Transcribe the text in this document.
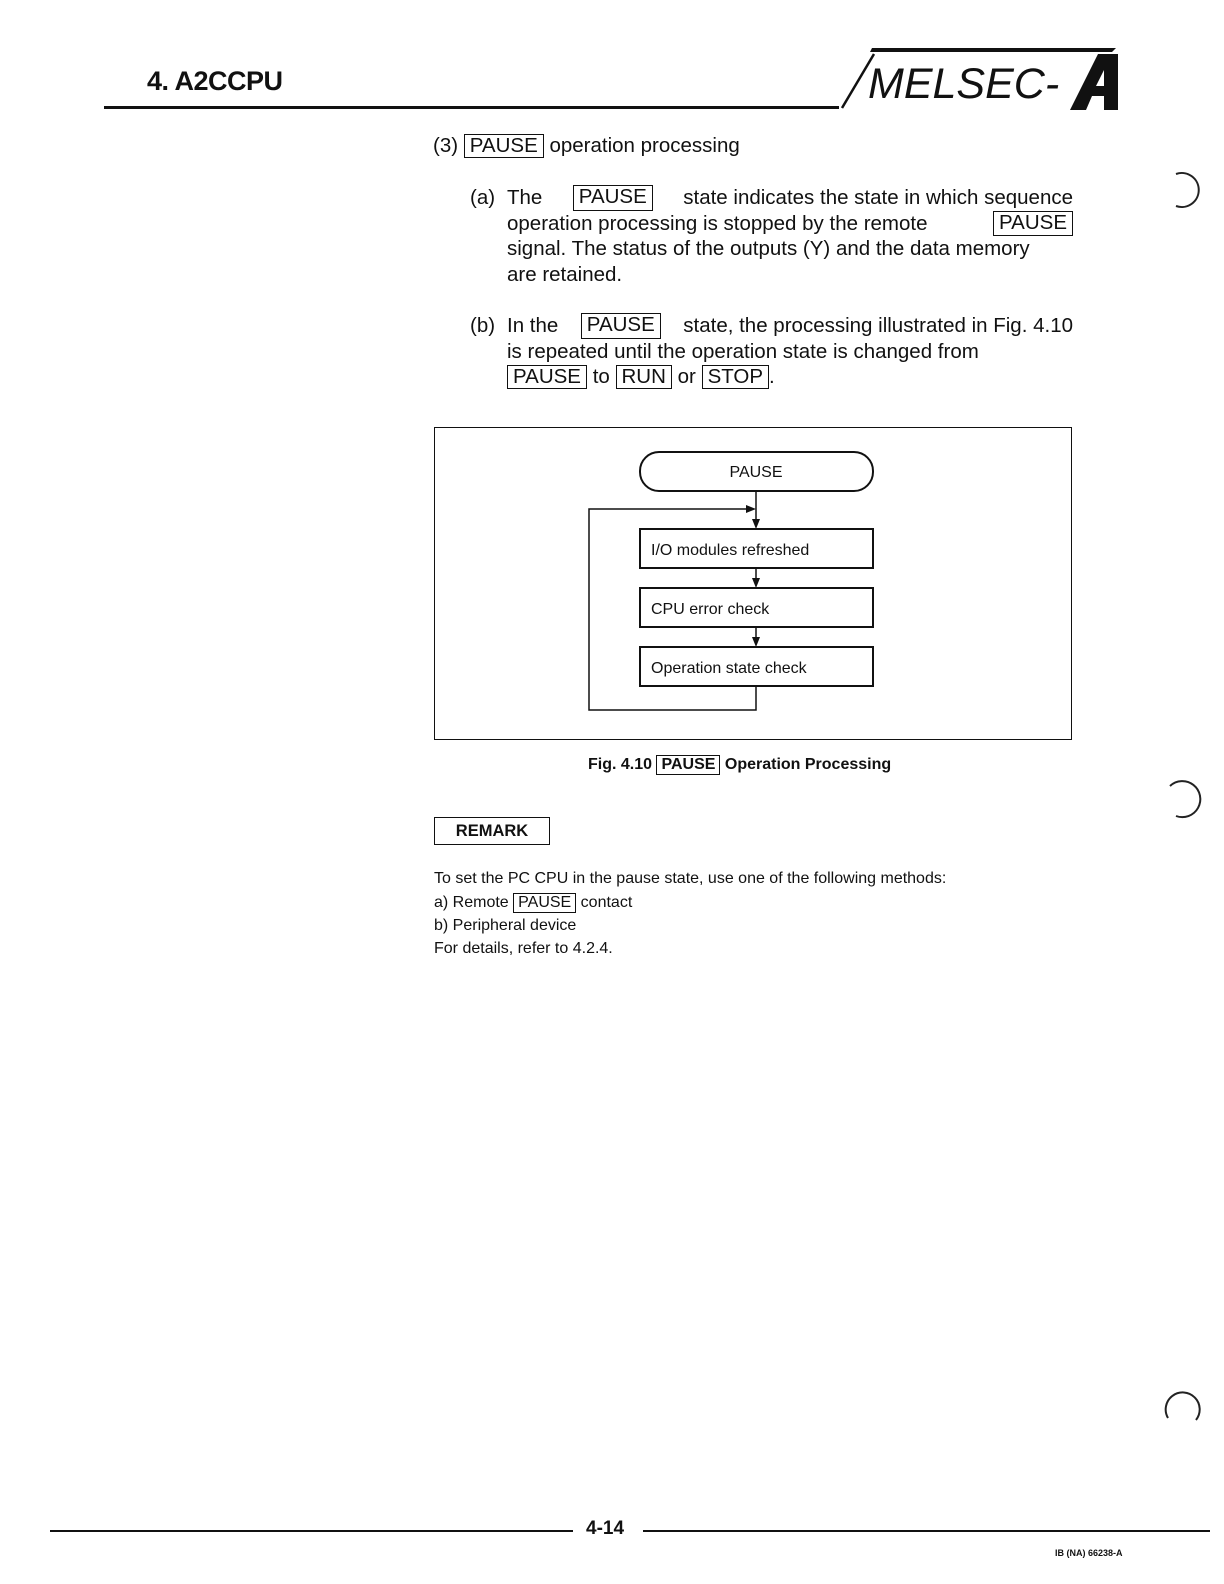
4. A2CCPU	MELSEC-
(3) PAUSE operation processing
(a) The PAUSE state indicates the state in which sequence
operation processing is stopped by the remote	PAUSE
signal. The status of the outputs (Y) and the data memory
are retained.
(b) In the PAUSE state, the processing illustrated in Fig. 4.10
is repeated until the operation state is changed from
PAUSE to RUN or STOP .
PAUSE
I/O modules refreshed
CPU error check
Operation state check
Fig. 4.10 PAUSE Operation Processing
REMARK
To set the PC CPU in the pause state, use one of the following methods:
a) Remote PAUSE contact
b) Peripheral device
For details, refer to 4.2.4.
4-14
IB (NA) 66238-A
